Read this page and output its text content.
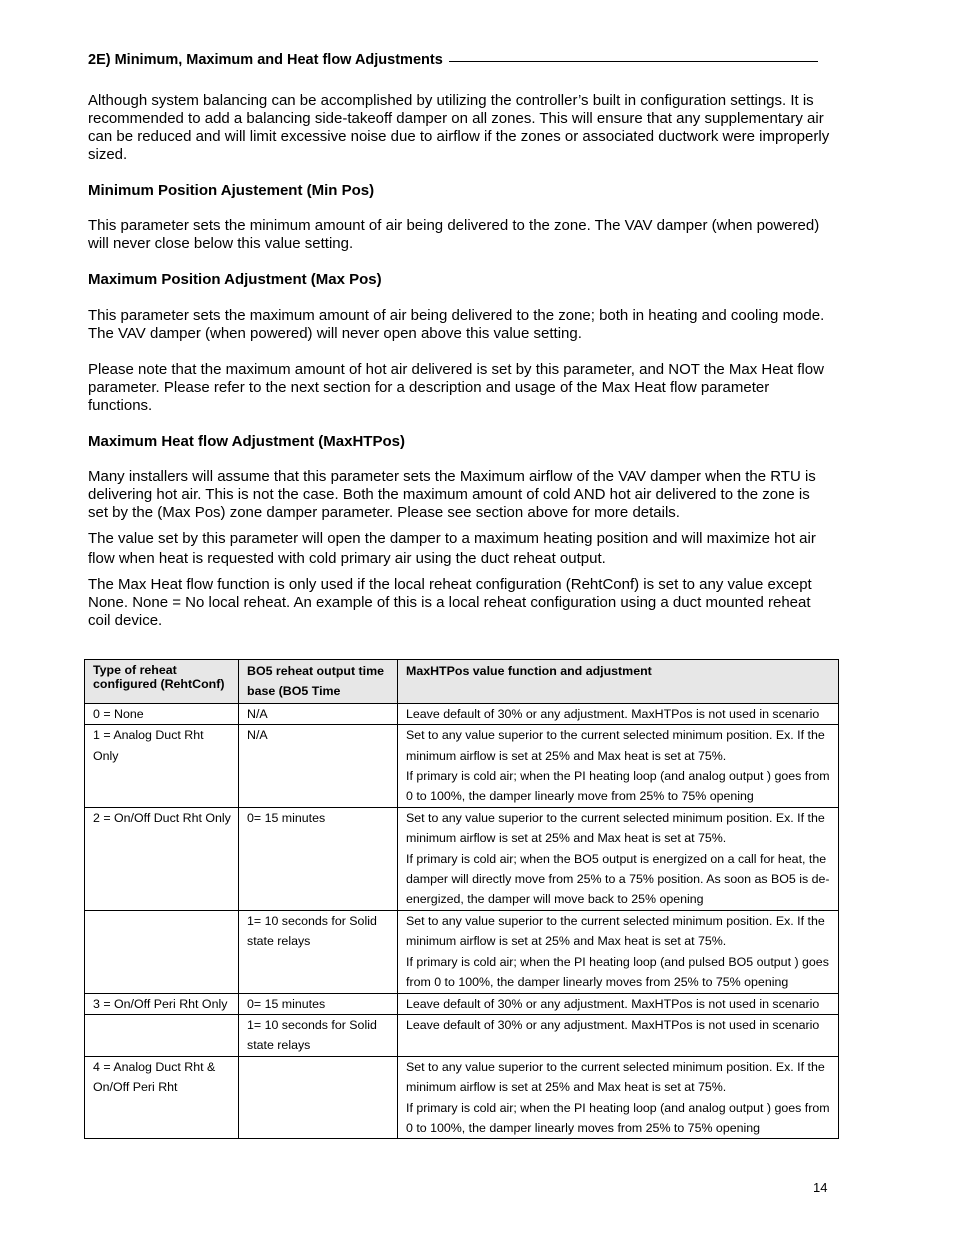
2E) Minimum, Maximum and Heat flow Adjustments
Although system balancing can be accomplished by utilizing the controller’s built in configuration settings. It is recommended to add a balancing side-takeoff damper on all zones. This will ensure that any supplementary air can be reduced and will limit excessive noise due to airflow if the zones or associated ductwork were improperly sized.
Minimum Position Ajustement (Min Pos)
This parameter sets the minimum amount of air being delivered to the zone. The VAV damper (when powered) will never close below this value setting.
Maximum Position Adjustment (Max Pos)
This parameter sets the maximum amount of air being delivered to the zone; both in heating and cooling mode. The VAV damper (when powered) will never open above this value setting.
Please note that the maximum amount of hot air delivered is set by this parameter, and NOT the Max Heat flow parameter. Please refer to the next section for a description and usage of the Max Heat flow parameter functions.
Maximum Heat flow Adjustment (MaxHTPos)
Many installers will assume that this parameter sets the Maximum airflow of the VAV damper when the RTU is delivering hot air. This is not the case. Both the maximum amount of cold AND hot air delivered to the zone is set by the (Max Pos) zone damper parameter. Please see section above for more details.
The value set by this parameter will open the damper to a maximum heating position and will maximize hot air flow when heat is requested with cold primary air using the duct reheat output.
The Max Heat flow function is only used if the local reheat configuration (RehtConf) is set to any value except None. None = No local reheat. An example of this is a local reheat configuration using a duct mounted reheat coil device.
Type of reheat configured (RehtConf)	BO5 reheat output time base (BO5 Time	MaxHTPos value function and adjustment
0 = None	N/A	Leave default of 30% or any adjustment. MaxHTPos is not used in scenario
1 = Analog Duct Rht Only	N/A	Set to any value superior to the current selected minimum position. Ex. If the minimum airflow is set at 25% and Max heat is set at 75%.
If primary is cold air; when the PI heating loop (and analog output ) goes from 0 to 100%, the damper linearly move from 25% to 75% opening

2 = On/Off Duct Rht Only	0= 15 minutes	Set to any value superior to the current selected minimum position. Ex. If the minimum airflow is set at 25% and Max heat is set at 75%.
If primary is cold air; when the BO5 output is energized on a call for heat, the damper will directly move from 25% to a 75% position. As soon as BO5 is de-energized, the damper will move back to 25% opening

	1= 10 seconds for Solid state relays	Set to any value superior to the current selected minimum position. Ex. If the minimum airflow is set at 25% and Max heat is set at 75%.
If primary is cold air; when the PI heating loop (and pulsed BO5 output ) goes from 0 to 100%, the damper linearly moves from 25% to 75% opening

3 = On/Off Peri Rht Only	0= 15 minutes	Leave default of 30% or any adjustment. MaxHTPos is not used in scenario
	1= 10 seconds for Solid state relays	Leave default of 30% or any adjustment. MaxHTPos is not used in scenario
4 = Analog Duct Rht & On/Off Peri Rht		Set to any value superior to the current selected minimum position. Ex. If the minimum airflow is set at 25% and Max heat is set at 75%.
If primary is cold air; when the PI heating loop (and analog output ) goes from 0 to 100%, the damper linearly moves from 25% to 75% opening
14
